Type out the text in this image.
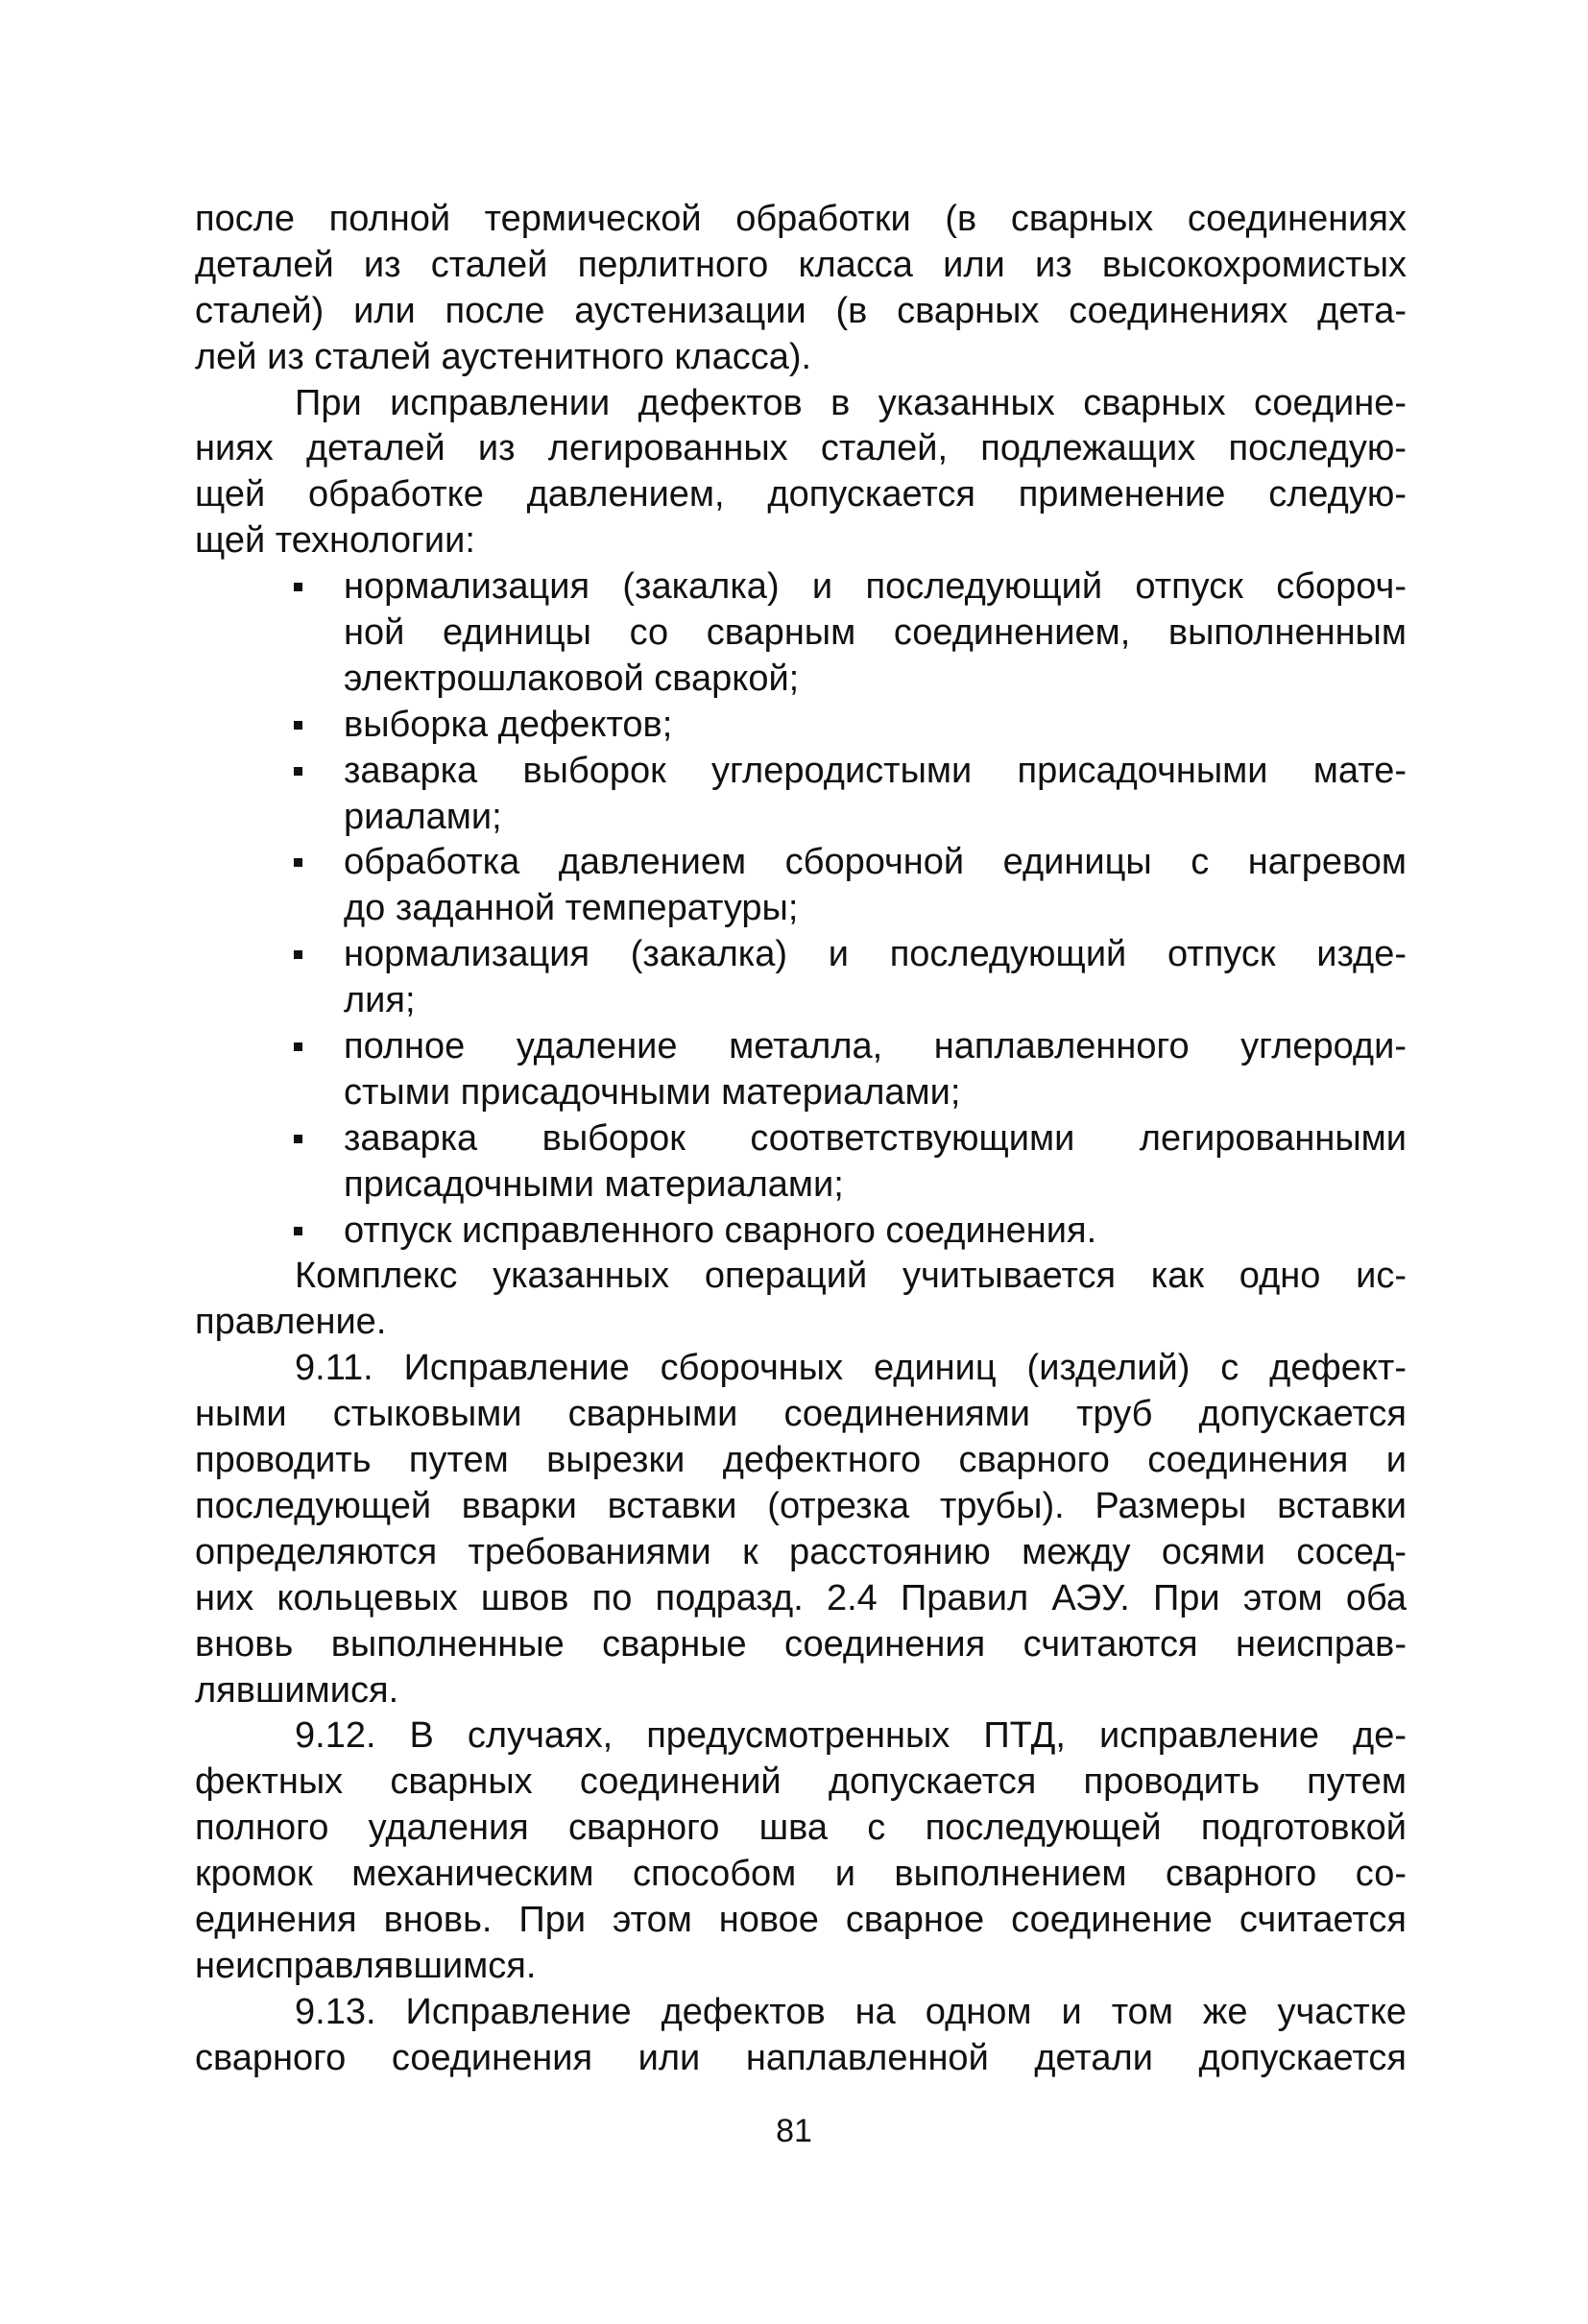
после полной термической обработки (в сварных соединениях
деталей из сталей перлитного класса или из высокохромистых
сталей) или после аустенизации (в сварных соединениях дета-
лей из сталей аустенитного класса).
При исправлении дефектов в указанных сварных соедине-
ниях деталей из легированных сталей, подлежащих последую-
щей обработке давлением, допускается применение следую-
щей технологии:
нормализация (закалка) и последующий отпуск сбороч-
ной единицы со сварным соединением, выполненным
электрошлаковой сваркой;
выборка дефектов;
заварка выборок углеродистыми присадочными мате-
риалами;
обработка давлением сборочной единицы с нагревом
до заданной температуры;
нормализация (закалка) и последующий отпуск изде-
лия;
полное удаление металла, наплавленного углероди-
стыми присадочными материалами;
заварка выборок соответствующими легированными
присадочными материалами;
отпуск исправленного сварного соединения.
Комплекс указанных операций учитывается как одно ис-
правление.
9.11. Исправление сборочных единиц (изделий) с дефект-
ными стыковыми сварными соединениями труб допускается
проводить путем вырезки дефектного сварного соединения и
последующей вварки вставки (отрезка трубы). Размеры вставки
определяются требованиями к расстоянию между осями сосед-
них кольцевых швов по подразд. 2.4 Правил АЭУ. При этом оба
вновь выполненные сварные соединения считаются неисправ-
лявшимися.
9.12. В случаях, предусмотренных ПТД, исправление де-
фектных сварных соединений допускается проводить путем
полного удаления сварного шва с последующей подготовкой
кромок механическим способом и выполнением сварного со-
единения вновь. При этом новое сварное соединение считается
неисправлявшимся.
9.13. Исправление дефектов на одном и том же участке
сварного соединения или наплавленной детали допускается
81
